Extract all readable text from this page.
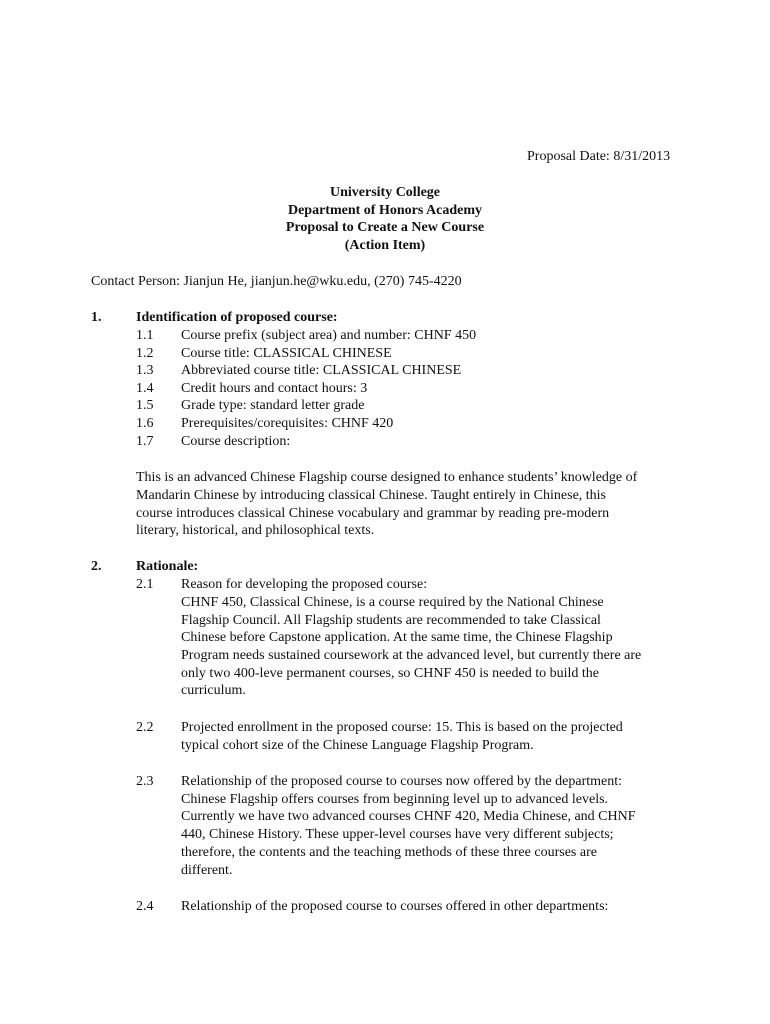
Proposal Date: 8/31/2013
University College
Department of Honors Academy
Proposal to Create a New Course
(Action Item)
Contact Person: Jianjun He, jianjun.he@wku.edu, (270) 745-4220
1. Identification of proposed course:
1.1 Course prefix (subject area) and number: CHNF 450
1.2 Course title: CLASSICAL CHINESE
1.3 Abbreviated course title: CLASSICAL CHINESE
1.4 Credit hours and contact hours: 3
1.5 Grade type: standard letter grade
1.6 Prerequisites/corequisites: CHNF 420
1.7 Course description:
This is an advanced Chinese Flagship course designed to enhance students’ knowledge of
Mandarin Chinese by introducing classical Chinese. Taught entirely in Chinese, this
course introduces classical Chinese vocabulary and grammar by reading pre-modern
literary, historical, and philosophical texts.
2. Rationale:
2.1 Reason for developing the proposed course:
CHNF 450, Classical Chinese, is a course required by the National Chinese
Flagship Council. All Flagship students are recommended to take Classical
Chinese before Capstone application. At the same time, the Chinese Flagship
Program needs sustained coursework at the advanced level, but currently there are
only two 400-leve permanent courses, so CHNF 450 is needed to build the
curriculum.
2.2 Projected enrollment in the proposed course: 15. This is based on the projected
typical cohort size of the Chinese Language Flagship Program.
2.3 Relationship of the proposed course to courses now offered by the department:
Chinese Flagship offers courses from beginning level up to advanced levels.
Currently we have two advanced courses CHNF 420, Media Chinese, and CHNF
440, Chinese History. These upper-level courses have very different subjects;
therefore, the contents and the teaching methods of these three courses are
different.
2.4 Relationship of the proposed course to courses offered in other departments:
